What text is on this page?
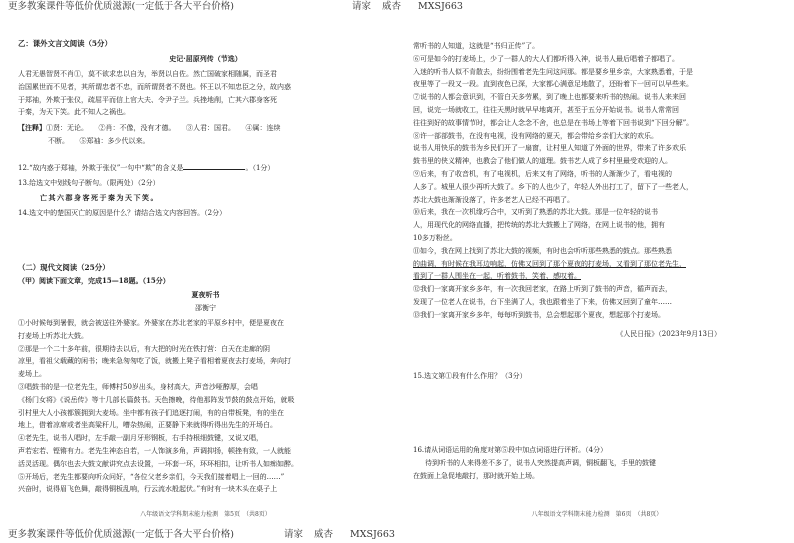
更多教案课件等低价优质滋源(一定低于各大平台价格)	请家 威杏 MXSJ663
乙：课外文言文阅读（5分）
史记·屈原列传（节选）
人君无愚智贤不肖①，莫不欲求忠以自为，举贤以自佐。然亡国破家相随属，而圣君
治国累世而不见者，其所谓忠者不忠，而所谓贤者不贤也。怀王以不知忠臣之分，故内惑
于郑袖，外欺于张仪，疏屈平而信上官大夫、令尹子兰。兵挫地削，亡其六郡身客死
于秦，为天下笑。此不知人之祸也。
【注释】①贤：无论。　　②肖：不像，没有才德。　　③人君：国君。　　④属：连续
不断。　　⑤郑袖：多少代以来。
12.“故内惑于郑袖，外欺于张仪”一句中“欺”的含义是	。（1分）
13.给选文中划线句子断句。（限两处）（2分）
亡其六郡身客死于秦为天下笑。
14.选文中的楚国灭亡的原因是什么？请结合选文内容回答。（2分）
（二）现代文阅读（25分）
（甲）阅读下面文章，完成15—18题。（15分）
夏夜听书
邵衡宁
①小时候每到暑假，就会被送往外婆家。外婆家在苏北老家的平原乡村中，便是夏夜在
打麦场上听苏北大鼓。
②那是一个二十多年前，很期待去以后，有大把的时光在铁打营：白天在走廊的阴
凉里，看祖父载藏的闲书；晚来急匆匆吃了饭，就搬上凳子看相着夏夜去打麦场，奔向打
麦场上。
③唱鼓书的是一位老先生，师傅村50岁出头，身材高大，声音沙哑醇厚，会唱
《杨门女将》《说岳传》等十几部长篇鼓书。天色擦晚，待他那阵发节鼓的鼓点开始，就吸
引村里大人小孩都簇拥到大麦场。坐中都有孩子们追逐打闹，有的自带板凳，有的坐在
地上，借着凉席或者坐高粱秆儿，嘈杂热闹，正要静下来就得听得出先生的开场白。
④老先生，说书人唱时，左手敲一副月牙形钢板，右手持根细鼓键，又说又唱，
声若宏若、铿锵有力。老先生神态自若，一人饰演多角，声调抑扬，顿挫有致，一人就能
活灵活现。偶尔也去大鼓文献讲究点去设置，一环套一环，环环相扣，让听书人如痴如醉。
⑤开场后，老先生都要向听众问好，“各位父老乡亲们，今天我们接着唱上一回的……”
兴奋时，说得眉飞色舞，敲得铜板乱响，行云流水般起伏。”有时有一块木头在桌子上
八年级语文学科期末能力检测　第5页　（共8页）
常听书的人知道，这就是“书归正传”了。
⑥可是如今的打麦场上，少了一群人的大人们都听得入神，说书人最后唱着子都唱了。
入迷的听书人似不肯散去，纷纷围着老先生问这问那。都是要乡里乡亲，大家熟悉着，于是
夜里等了一段又一段。直到夜色已深，大家都心满意足地散了，还盼着下一回可以早些来。
⑦说书的人都会意识到，不管白天多劳累，到了晚上也都要来听书的热闹。说书人来来回
回，说完一场就收工，往往天黑时就早早地离开，甚至于五分开始说书。说书人常常回
往往到好的故事情节时，都会让人念念不舍，也总是在书场上等着下回书说到“下回分解”。
⑧许一部部鼓书，在没有电视，没有网络的夏天，都会带给乡亲们大家的欢乐。
说书人用快乐的鼓书为乡民们开了一扇窗，让村里人知道了外面的世界，带来了许多欢乐
鼓书里的侠义精神，也教会了他们做人的道理。鼓书艺人成了乡村里最受欢迎的人。
⑨后来，有了收音机，有了电视机，后来又有了网络，听书的人渐渐少了，看电视的
人多了。城里人很少再听大鼓了。乡下的人也少了，年轻人外出打工了，留下了一些老人，
苏北大鼓也渐渐没落了，许多老艺人已经不再唱了。
⑩后来，我在一次机缘巧合中，又听到了熟悉的苏北大鼓。那是一位年轻的说书
人，用现代化的网络直播，把传统的苏北大鼓搬上了网络，在网上说书的他，拥有
10多万粉丝。
⑪如今，我在网上找到了苏北大鼓的视频，有时也会听听那些熟悉的鼓点。那些熟悉
的曲调，有时候在我耳边响起，仿佛又回到了那个夏夜的打麦场，又看到了那位老先生，
看到了一群人围坐在一起，听着鼓书，笑着、感叹着。
⑫我们一家离开家乡多年，有一次我回老家，在路上听到了鼓书的声音，循声而去，
发现了一位老人在说书，台下坐满了人，我也跟着坐了下来，仿佛又回到了童年……
⑬我们一家离开家乡多年，每每听到鼓书，总会想起那个夏夜，想起那个打麦场。
《人民日报》（2023年9月13日）
15.选文第①段有什么作用？（3分）
16.请从词语运用的角度对第⑤段中加点词语进行评析。（4分）
待到听书的人来得差不多了，说书人突然提高声调，铜板翻飞，手里的鼓键
在鼓面上急促地敲打，那时就开始上场。
八年级语文学科期末能力检测　第6页　（共8页）
更多教案课件等低价优质滋源(一定低于各大平台价格)	请家 威杏 MXSJ663
